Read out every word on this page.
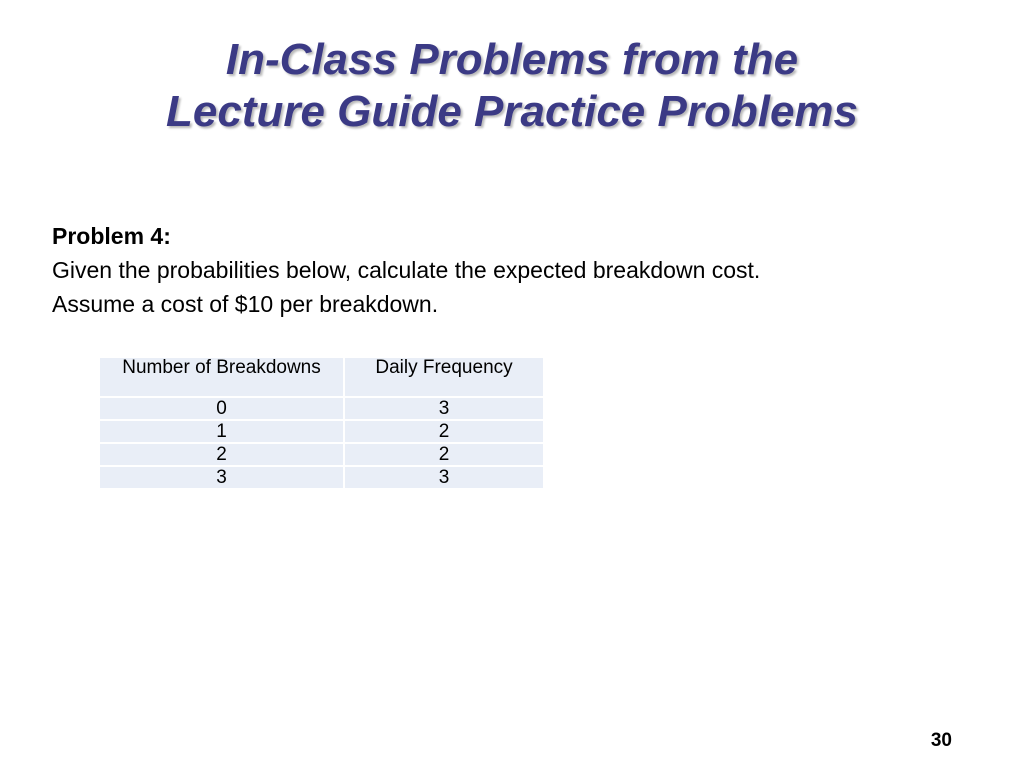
In-Class Problems from the
Lecture Guide Practice Problems
Problem 4:
Given the probabilities below, calculate the expected breakdown cost.
Assume a cost of $10 per breakdown.
Number of Breakdowns	Daily Frequency
0	3
1	2
2	2
3	3
30
